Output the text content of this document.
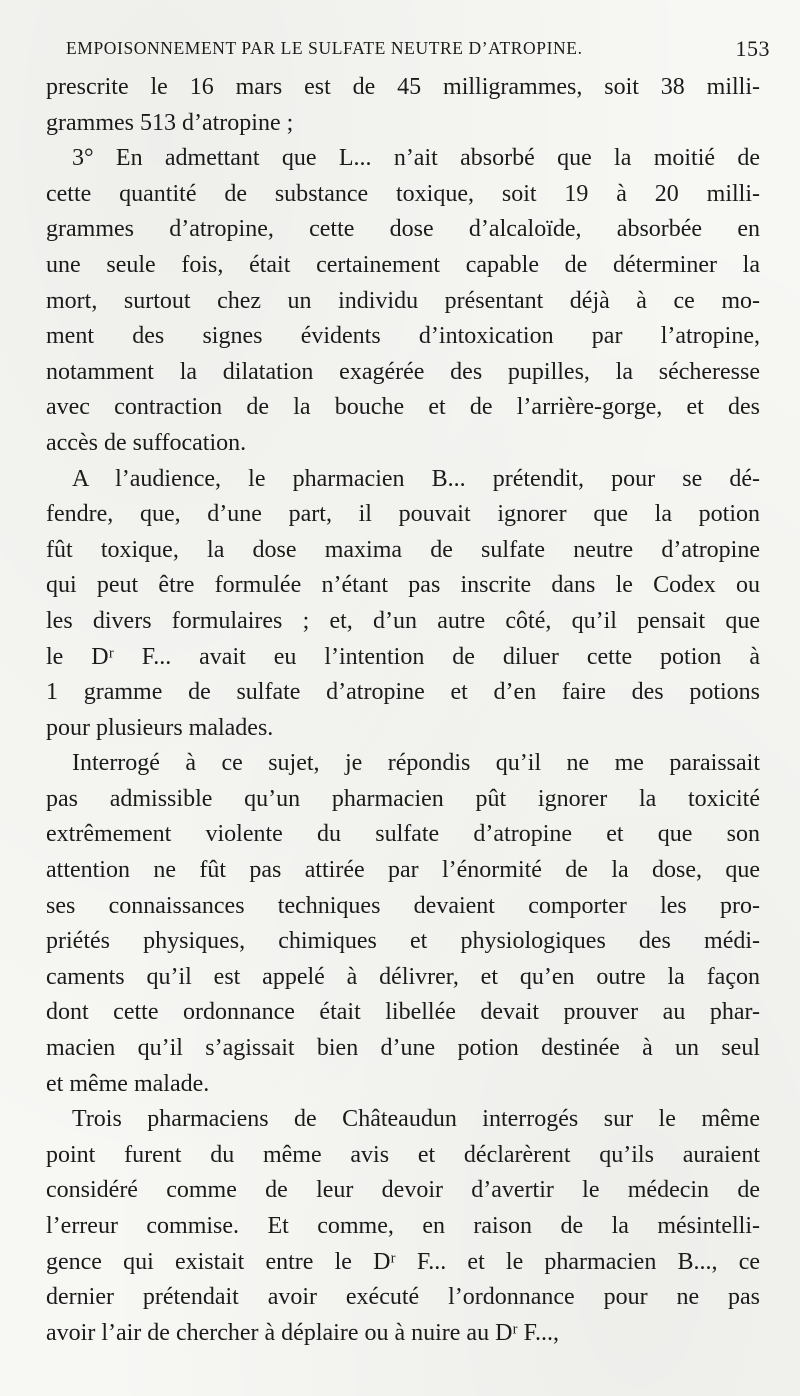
EMPOISONNEMENT PAR LE SULFATE NEUTRE D’ATROPINE.	153
prescrite le 16 mars est de 45 milligrammes, soit 38 milli-
grammes 513 d’atropine ;
3° En admettant que L... n’ait absorbé que la moitié de
cette quantité de substance toxique, soit 19 à 20 milli-
grammes d’atropine, cette dose d’alcaloïde, absorbée en
une seule fois, était certainement capable de déterminer la
mort, surtout chez un individu présentant déjà à ce mo-
ment des signes évidents d’intoxication par l’atropine,
notamment la dilatation exagérée des pupilles, la sécheresse
avec contraction de la bouche et de l’arrière-gorge, et des
accès de suffocation.
A l’audience, le pharmacien B... prétendit, pour se dé-
fendre, que, d’une part, il pouvait ignorer que la potion
fût toxique, la dose maxima de sulfate neutre d’atropine
qui peut être formulée n’étant pas inscrite dans le Codex ou
les divers formulaires ; et, d’un autre côté, qu’il pensait que
le Dʳ F... avait eu l’intention de diluer cette potion à
1 gramme de sulfate d’atropine et d’en faire des potions
pour plusieurs malades.
Interrogé à ce sujet, je répondis qu’il ne me paraissait
pas admissible qu’un pharmacien pût ignorer la toxicité
extrêmement violente du sulfate d’atropine et que son
attention ne fût pas attirée par l’énormité de la dose, que
ses connaissances techniques devaient comporter les pro-
priétés physiques, chimiques et physiologiques des médi-
caments qu’il est appelé à délivrer, et qu’en outre la façon
dont cette ordonnance était libellée devait prouver au phar-
macien qu’il s’agissait bien d’une potion destinée à un seul
et même malade.
Trois pharmaciens de Châteaudun interrogés sur le même
point furent du même avis et déclarèrent qu’ils auraient
considéré comme de leur devoir d’avertir le médecin de
l’erreur commise. Et comme, en raison de la mésintelli-
gence qui existait entre le Dʳ F... et le pharmacien B..., ce
dernier prétendait avoir exécuté l’ordonnance pour ne pas
avoir l’air de chercher à déplaire ou à nuire au Dʳ F...,
